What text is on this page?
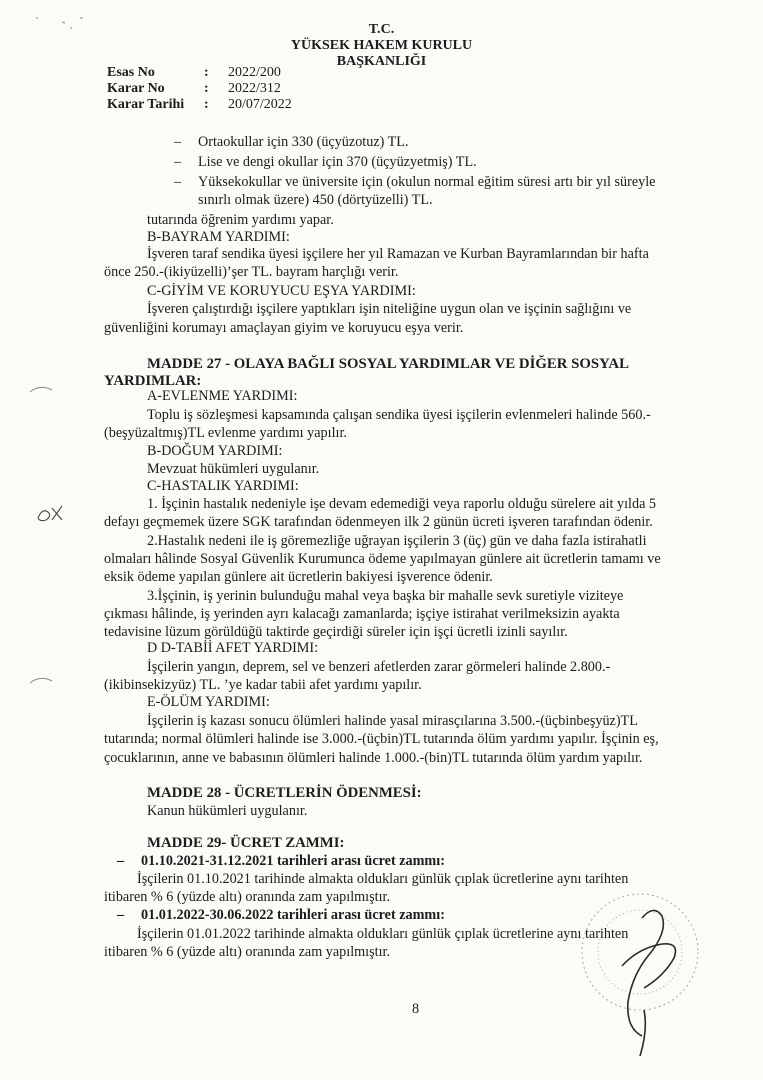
T.C.
YÜKSEK HAKEM KURULU
BAŞKANLIĞI
Esas No	: 2022/200
Karar No	: 2022/312
Karar Tarihi : 20/07/2022
– Ortaokullar için 330 (üçyüzotuz) TL.
– Lise ve dengi okullar için 370 (üçyüzyetmiş) TL.
– Yüksekokullar ve üniversite için (okulun normal eğitim süresi artı bir yıl süreyle
sınırlı olmak üzere) 450 (dörtyüzelli) TL.
tutarında öğrenim yardımı yapar.
B-BAYRAM YARDIMI:
İşveren taraf sendika üyesi işçilere her yıl Ramazan ve Kurban Bayramlarından bir hafta
önce 250.-(ikiyüzelli)’şer TL. bayram harçlığı verir.
C-GİYİM VE KORUYUCU EŞYA YARDIMI:
İşveren çalıştırdığı işçilere yaptıkları işin niteliğine uygun olan ve işçinin sağlığını ve
güvenliğini korumayı amaçlayan giyim ve koruyucu eşya verir.
MADDE 27 - OLAYA BAĞLI SOSYAL YARDIMLAR VE DİĞER SOSYAL
YARDIMLAR:
A-EVLENME YARDIMI:
Toplu iş sözleşmesi kapsamında çalışan sendika üyesi işçilerin evlenmeleri halinde 560.-
(beşyüzaltmış)TL evlenme yardımı yapılır.
B-DOĞUM YARDIMI:
Mevzuat hükümleri uygulanır.
C-HASTALIK YARDIMI:
1. İşçinin hastalık nedeniyle işe devam edemediği veya raporlu olduğu sürelere ait yılda 5
defayı geçmemek üzere SGK tarafından ödenmeyen ilk 2 günün ücreti işveren tarafından ödenir.
2.Hastalık nedeni ile iş göremezliğe uğrayan işçilerin 3 (üç) gün ve daha fazla istirahatli
olmaları hâlinde Sosyal Güvenlik Kurumunca ödeme yapılmayan günlere ait ücretlerin tamamı ve
eksik ödeme yapılan günlere ait ücretlerin bakiyesi işverence ödenir.
3.İşçinin, iş yerinin bulunduğu mahal veya başka bir mahalle sevk suretiyle viziteye
çıkması hâlinde, iş yerinden ayrı kalacağı zamanlarda; işçiye istirahat verilmeksizin ayakta
tedavisine lüzum görüldüğü taktirde geçirdiği süreler için işçi ücretli izinli sayılır.
D D-TABİİ AFET YARDIMI:
İşçilerin yangın, deprem, sel ve benzeri afetlerden zarar görmeleri halinde 2.800.-
(ikibinsekizyüz) TL. ’ye kadar tabii afet yardımı yapılır.
E-ÖLÜM YARDIMI:
İşçilerin iş kazası sonucu ölümleri halinde yasal mirasçılarına 3.500.-(üçbinbeşyüz)TL
tutarında; normal ölümleri halinde ise 3.000.-(üçbin)TL tutarında ölüm yardımı yapılır. İşçinin eş,
çocuklarının, anne ve babasının ölümleri halinde 1.000.-(bin)TL tutarında ölüm yardım yapılır.
MADDE 28 - ÜCRETLERİN ÖDENMESİ:
Kanun hükümleri uygulanır.
MADDE 29- ÜCRET ZAMMI:
– 01.10.2021-31.12.2021 tarihleri arası ücret zammı:
İşçilerin 01.10.2021 tarihinde almakta oldukları günlük çıplak ücretlerine aynı tarihten
itibaren % 6 (yüzde altı) oranında zam yapılmıştır.
– 01.01.2022-30.06.2022 tarihleri arası ücret zammı:
İşçilerin 01.01.2022 tarihinde almakta oldukları günlük çıplak ücretlerine aynı tarihten
itibaren % 6 (yüzde altı) oranında zam yapılmıştır.
8
DK
